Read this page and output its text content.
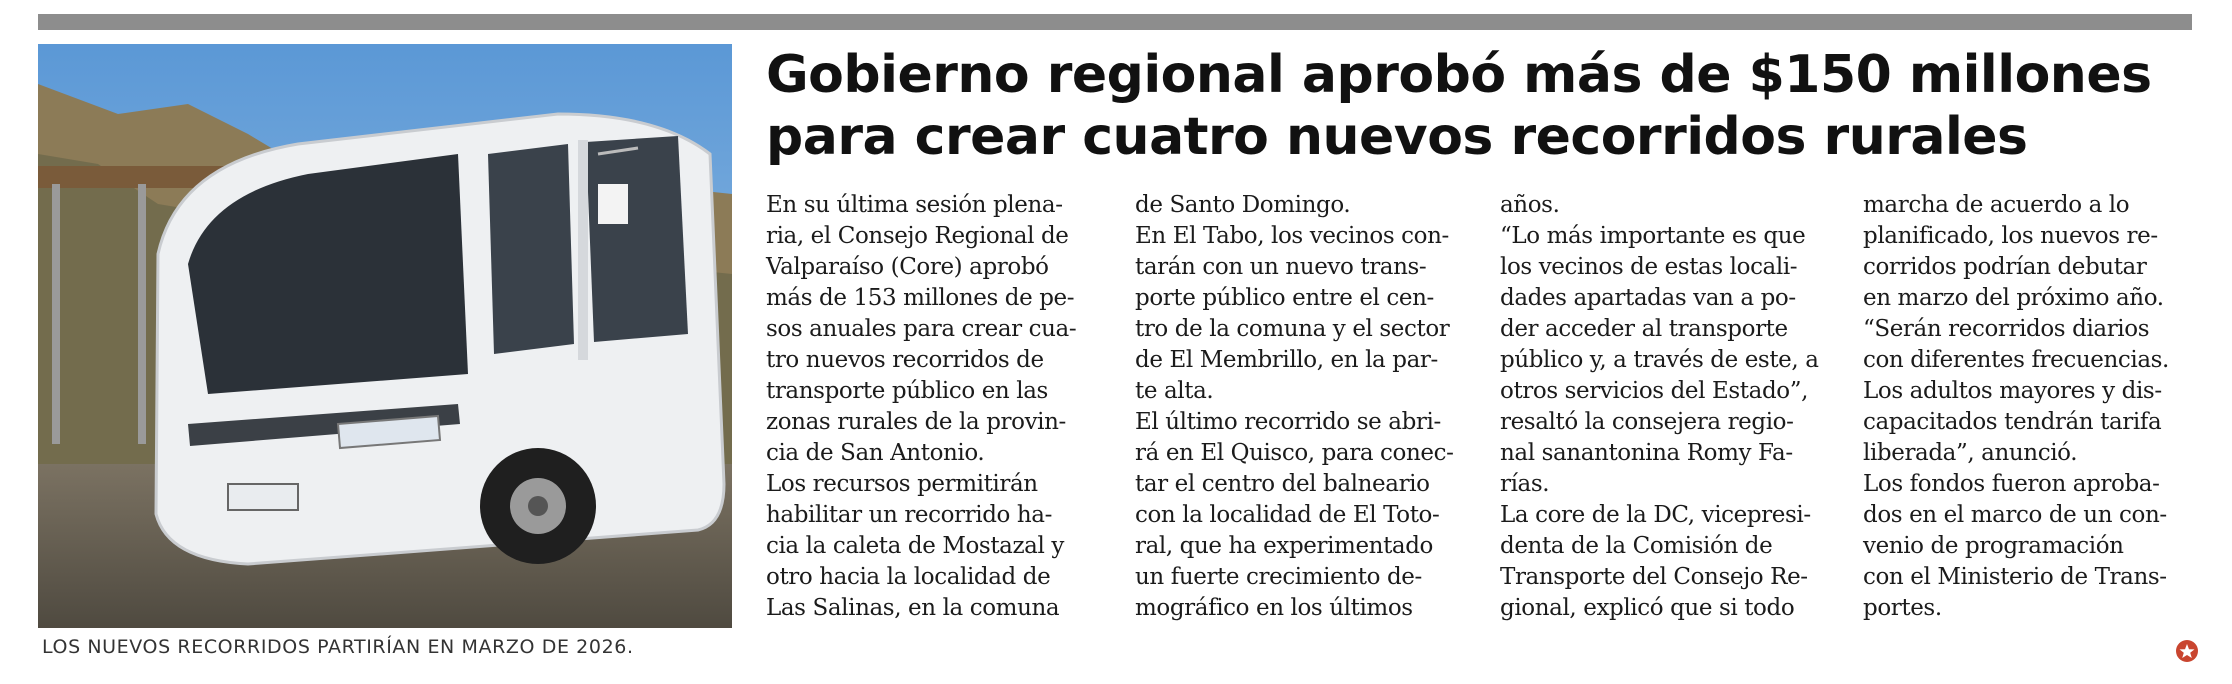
LOS NUEVOS RECORRIDOS PARTIRÍAN EN MARZO DE 2026.
Gobierno regional aprobó más de $150 millones
para crear cuatro nuevos recorridos rurales
En su última sesión plena-
ria, el Consejo Regional de
Valparaíso (Core) aprobó
más de 153 millones de pe-
sos anuales para crear cua-
tro nuevos recorridos de
transporte público en las
zonas rurales de la provin-
cia de San Antonio.
Los recursos permitirán
habilitar un recorrido ha-
cia la caleta de Mostazal y
otro hacia la localidad de
Las Salinas, en la comuna
de Santo Domingo.
En El Tabo, los vecinos con-
tarán con un nuevo trans-
porte público entre el cen-
tro de la comuna y el sector
de El Membrillo, en la par-
te alta.
El último recorrido se abri-
rá en El Quisco, para conec-
tar el centro del balneario
con la localidad de El Toto-
ral, que ha experimentado
un fuerte crecimiento de-
mográfico en los últimos
años.
“Lo más importante es que
los vecinos de estas locali-
dades apartadas van a po-
der acceder al transporte
público y, a través de este, a
otros servicios del Estado”,
resaltó la consejera regio-
nal sanantonina Romy Fa-
rías.
La core de la DC, vicepresi-
denta de la Comisión de
Transporte del Consejo Re-
gional, explicó que si todo
marcha de acuerdo a lo
planificado, los nuevos re-
corridos podrían debutar
en marzo del próximo año.
“Serán recorridos diarios
con diferentes frecuencias.
Los adultos mayores y dis-
capacitados tendrán tarifa
liberada”, anunció.
Los fondos fueron aproba-
dos en el marco de un con-
venio de programación
con el Ministerio de Trans-
portes.
